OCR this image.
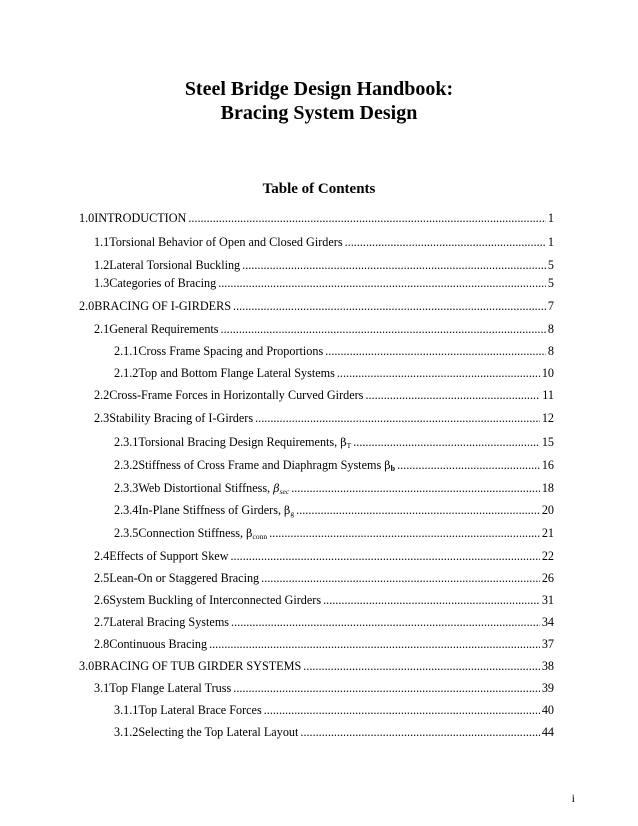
Steel Bridge Design Handbook:
Bracing System Design
Table of Contents
1.0 INTRODUCTION .....	1
1.1 Torsional Behavior of Open and Closed Girders .....	1
1.2 Lateral Torsional Buckling .....	5
1.3 Categories of Bracing .....	5
2.0 BRACING OF I-GIRDERS .....	7
2.1 General Requirements .....	8
2.1.1 Cross Frame Spacing and Proportions .....	8
2.1.2 Top and Bottom Flange Lateral Systems .....	10
2.2 Cross-Frame Forces in Horizontally Curved Girders .....	11
2.3 Stability Bracing of I-Girders .....	12
2.3.1 Torsional Bracing Design Requirements, $\beta_T$ .....	15
2.3.2 Stiffness of Cross Frame and Diaphragm Systems βb .....	16
2.3.3 Web Distortional Stiffness, βsec .....	18
2.3.4 In-Plane Stiffness of Girders, $\beta_g$ .....	20
2.3.5 Connection Stiffness, $\beta_{conn}$ .....	21
2.4 Effects of Support Skew .....	22
2.5 Lean-On or Staggered Bracing .....	26
2.6 System Buckling of Interconnected Girders .....	31
2.7 Lateral Bracing Systems .....	34
2.8 Continuous Bracing .....	37
3.0 BRACING OF TUB GIRDER SYSTEMS .....	38
3.1 Top Flange Lateral Truss .....	39
3.1.1 Top Lateral Brace Forces .....	40
3.1.2 Selecting the Top Lateral Layout .....	44
i
